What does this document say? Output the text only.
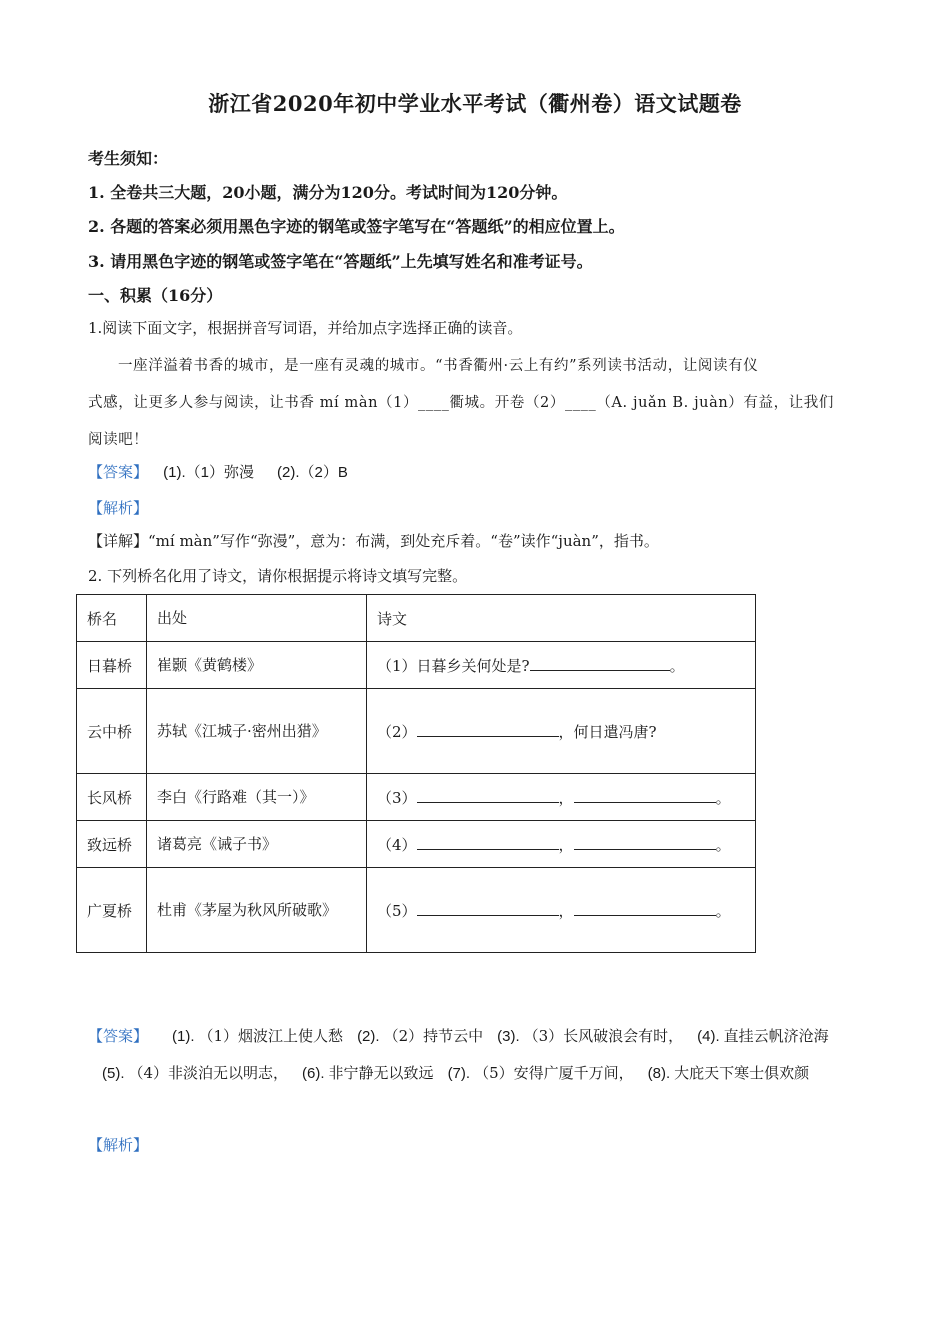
浙江省2020年初中学业水平考试（衢州卷）语文试题卷
考生须知：
1. 全卷共三大题，20小题，满分为120分。考试时间为120分钟。
2. 各题的答案必须用黑色字迹的钢笔或签字笔写在“答题纸”的相应位置上。
3. 请用黑色字迹的钢笔或签字笔在“答题纸”上先填写姓名和准考证号。
一、积累（16分）
1.阅读下面文字，根据拼音写词语，并给加点字选择正确的读音。
一座洋溢着书香的城市，是一座有灵魂的城市。“书香衢州·云上有约”系列读书活动，让阅读有仪
式感，让更多人参与阅读，让书香 mí màn（1）____衢城。开卷（2）____（A. juǎn B. juàn）有益，让我们
阅读吧！
【答案】 (1).（1）弥漫 (2).（2）B
【解析】
【详解】“mí màn”写作“弥漫”，意为：布满，到处充斥着。“卷”读作“juàn”，指书。
2. 下列桥名化用了诗文，请你根据提示将诗文填写完整。
桥名	出处	诗文
日暮桥	崔颢《黄鹤楼》	（1）日暮乡关何处是? 。
云中桥	苏轼《江城子·密州出猎》	（2） ，何日遣冯唐?
长风桥	李白《行路难（其一）》	（3） ， 。
致远桥	诸葛亮《诫子书》	（4） ， 。
广夏桥	杜甫《茅屋为秋风所破歌》	（5） ， 。
【答案】 (1). （1）烟波江上使人愁 (2). （2）持节云中 (3). （3）长风破浪会有时， (4). 直挂云帆济沧海(5). （4）非淡泊无以明志， (6). 非宁静无以致远 (7). （5）安得广厦千万间， (8). 大庇天下寒士俱欢颜
【解析】
